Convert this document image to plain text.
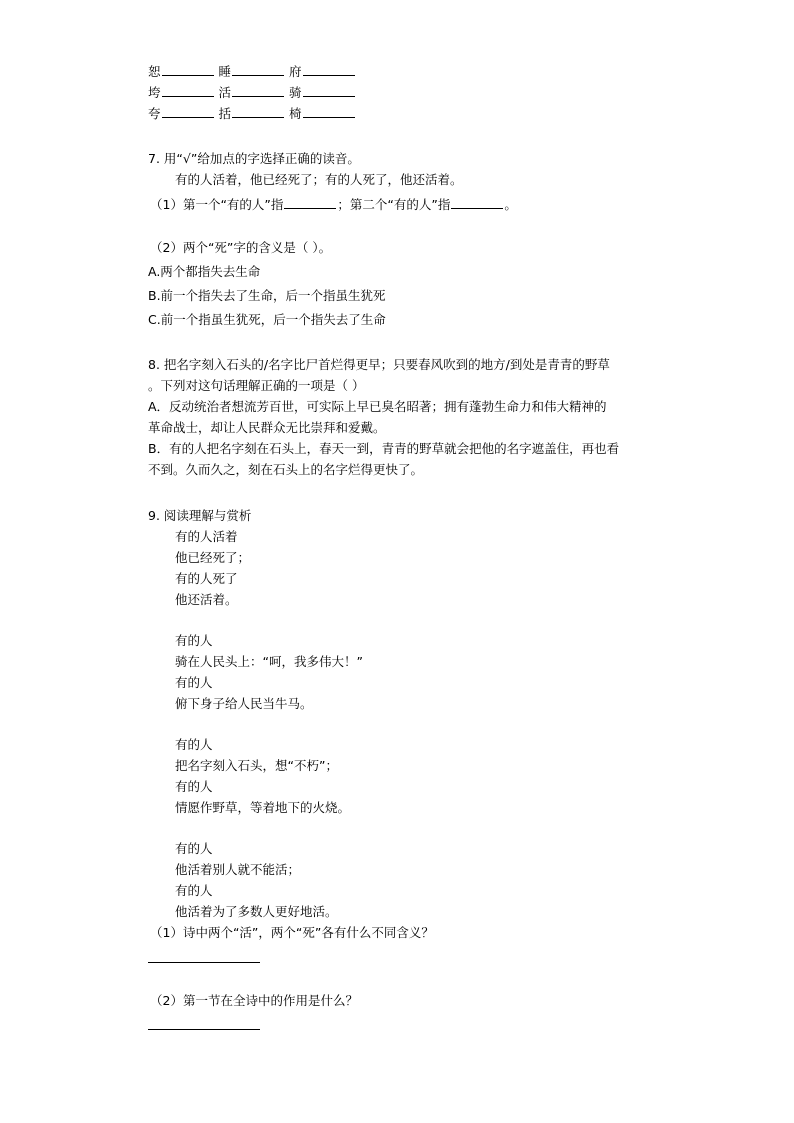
恕	睡	府
垮	活	骑
夸	括	椅
7. 用“√”给加点的字选择正确的读音。
有的人活着，他已经死了；有的人死了，他还活着。
（1）第一个“有的人”指	；第二个“有的人”指	。
（2）两个“死”字的含义是（ ）。
A.两个都指失去生命
B.前一个指失去了生命，后一个指虽生犹死
C.前一个指虽生犹死，后一个指失去了生命
8. 把名字刻入石头的/名字比尸首烂得更早；只要春风吹到的地方/到处是青青的野草
。下列对这句话理解正确的一项是（ ）
A．反动统治者想流芳百世，可实际上早已臭名昭著；拥有蓬勃生命力和伟大精神的
革命战士，却让人民群众无比崇拜和爱戴。
B．有的人把名字刻在石头上，春天一到，青青的野草就会把他的名字遮盖住，再也看
不到。久而久之，刻在石头上的名字烂得更快了。
9. 阅读理解与赏析
有的人活着
他已经死了；
有的人死了
他还活着。
有的人
骑在人民头上：“呵，我多伟大！”
有的人
俯下身子给人民当牛马。
有的人
把名字刻入石头，想“不朽”；
有的人
情愿作野草，等着地下的火烧。
有的人
他活着别人就不能活；
有的人
他活着为了多数人更好地活。
（1）诗中两个“活”，两个“死”各有什么不同含义？
（2）第一节在全诗中的作用是什么？
